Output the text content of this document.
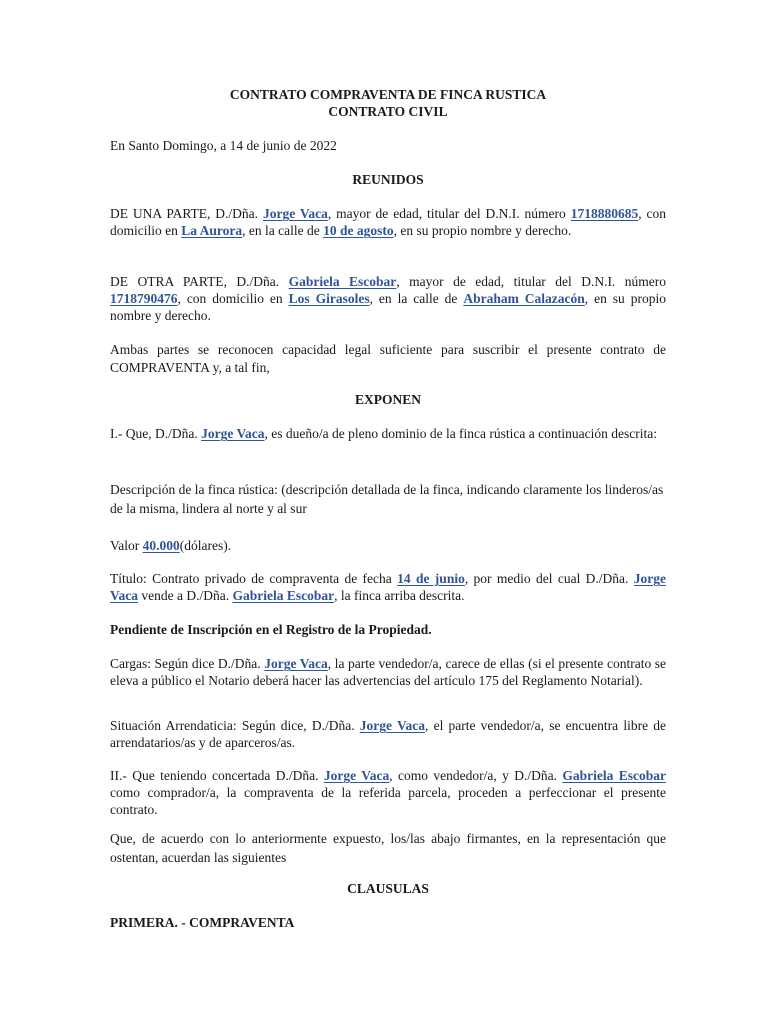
CONTRATO COMPRAVENTA DE FINCA RUSTICA
CONTRATO CIVIL

En Santo Domingo, a 14 de junio de 2022

REUNIDOS

DE UNA PARTE, D./Dña. Jorge Vaca, mayor de edad, titular del D.N.I. número 1718880685, con domicilio en La Aurora, en la calle de 10 de agosto, en su propio nombre y derecho.

DE OTRA PARTE, D./Dña. Gabriela Escobar, mayor de edad, titular del D.N.I. número 1718790476, con domicilio en Los Girasoles, en la calle de Abraham Calazacón, en su propio nombre y derecho.

Ambas partes se reconocen capacidad legal suficiente para suscribir el presente contrato de COMPRAVENTA y, a tal fin,

EXPONEN

I.- Que, D./Dña. Jorge Vaca, es dueño/a de pleno dominio de la finca rústica a continuación descrita:

Descripción de la finca rústica: (descripción detallada de la finca, indicando claramente los linderos/as de la misma, lindera al norte y al sur

Valor 40.000(dólares).

Título: Contrato privado de compraventa de fecha 14 de junio, por medio del cual D./Dña. Jorge Vaca vende a D./Dña. Gabriela Escobar, la finca arriba descrita.

Pendiente de Inscripción en el Registro de la Propiedad.

Cargas: Según dice D./Dña. Jorge Vaca, la parte vendedor/a, carece de ellas (si el presente contrato se eleva a público el Notario deberá hacer las advertencias del artículo 175 del Reglamento Notarial).

Situación Arrendaticia: Según dice, D./Dña. Jorge Vaca, el parte vendedor/a, se encuentra libre de arrendatarios/as y de aparceros/as.

II.- Que teniendo concertada D./Dña. Jorge Vaca, como vendedor/a, y D./Dña. Gabriela Escobar como comprador/a, la compraventa de la referida parcela, proceden a perfeccionar el presente contrato.

Que, de acuerdo con lo anteriormente expuesto, los/las abajo firmantes, en la representación que ostentan, acuerdan las siguientes

CLAUSULAS

PRIMERA. - COMPRAVENTA
